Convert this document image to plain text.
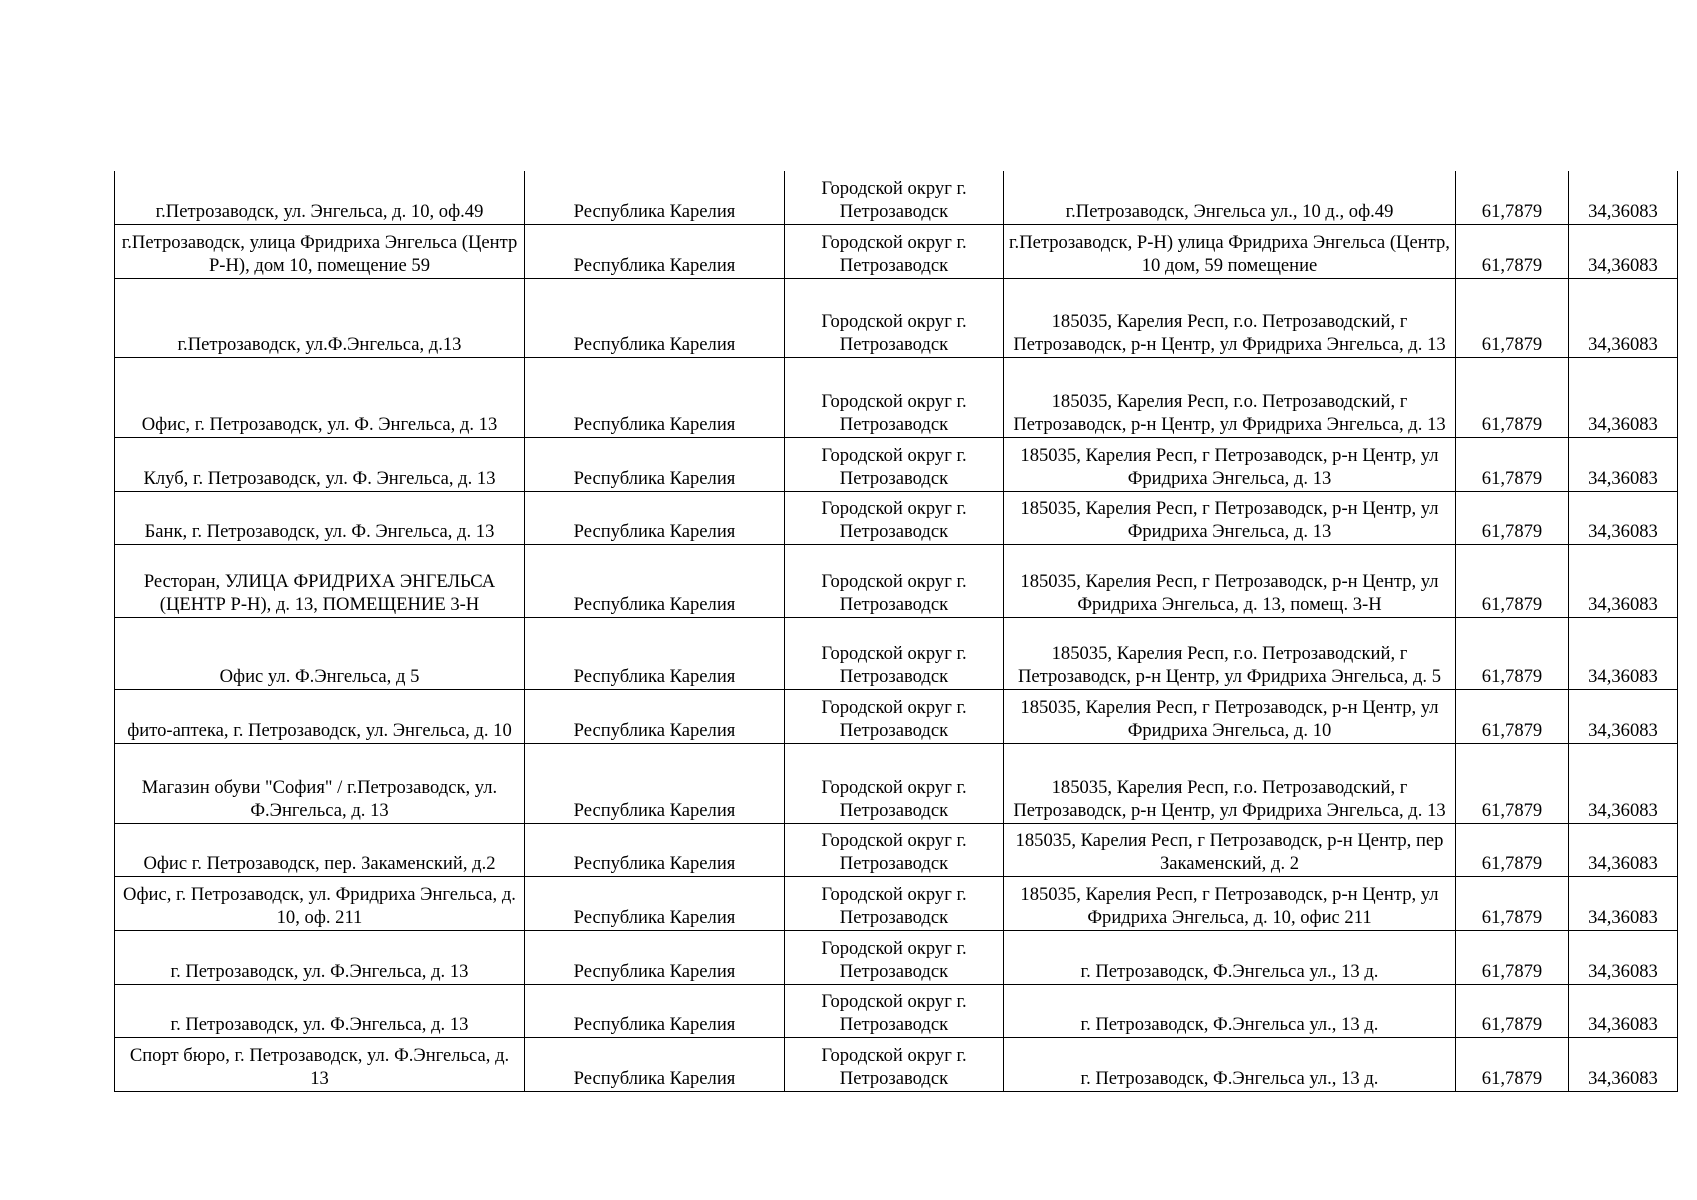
г.Петрозаводск, ул. Энгельса, д. 10, оф.49	Республика Карелия	Городской округ г. Петрозаводск	г.Петрозаводск, Энгельса ул., 10 д., оф.49	61,7879	34,36083
г.Петрозаводск, улица Фридриха Энгельса (Центр Р-Н), дом 10, помещение 59	Республика Карелия	Городской округ г. Петрозаводск	г.Петрозаводск, Р-Н) улица Фридриха Энгельса (Центр, 10 дом, 59 помещение	61,7879	34,36083
г.Петрозаводск, ул.Ф.Энгельса, д.13	Республика Карелия	Городской округ г. Петрозаводск	185035, Карелия Респ, г.о. Петрозаводский, г Петрозаводск, р-н Центр, ул Фридриха Энгельса, д. 13	61,7879	34,36083
Офис, г. Петрозаводск, ул. Ф. Энгельса, д. 13	Республика Карелия	Городской округ г. Петрозаводск	185035, Карелия Респ, г.о. Петрозаводский, г Петрозаводск, р-н Центр, ул Фридриха Энгельса, д. 13	61,7879	34,36083
Клуб, г. Петрозаводск, ул. Ф. Энгельса, д. 13	Республика Карелия	Городской округ г. Петрозаводск	185035, Карелия Респ, г Петрозаводск, р-н Центр, ул Фридриха Энгельса, д. 13	61,7879	34,36083
Банк, г. Петрозаводск, ул. Ф. Энгельса, д. 13	Республика Карелия	Городской округ г. Петрозаводск	185035, Карелия Респ, г Петрозаводск, р-н Центр, ул Фридриха Энгельса, д. 13	61,7879	34,36083
Ресторан, УЛИЦА ФРИДРИХА ЭНГЕЛЬСА (ЦЕНТР Р-Н), д. 13, ПОМЕЩЕНИЕ 3-Н	Республика Карелия	Городской округ г. Петрозаводск	185035, Карелия Респ, г Петрозаводск, р-н Центр, ул Фридриха Энгельса, д. 13, помещ. 3-Н	61,7879	34,36083
Офис ул. Ф.Энгельса, д 5	Республика Карелия	Городской округ г. Петрозаводск	185035, Карелия Респ, г.о. Петрозаводский, г Петрозаводск, р-н Центр, ул Фридриха Энгельса, д. 5	61,7879	34,36083
фито-аптека, г. Петрозаводск, ул. Энгельса, д. 10	Республика Карелия	Городской округ г. Петрозаводск	185035, Карелия Респ, г Петрозаводск, р-н Центр, ул Фридриха Энгельса, д. 10	61,7879	34,36083
Магазин обуви "София" / г.Петрозаводск, ул. Ф.Энгельса, д. 13	Республика Карелия	Городской округ г. Петрозаводск	185035, Карелия Респ, г.о. Петрозаводский, г Петрозаводск, р-н Центр, ул Фридриха Энгельса, д. 13	61,7879	34,36083
Офис г. Петрозаводск, пер. Закаменский, д.2	Республика Карелия	Городской округ г. Петрозаводск	185035, Карелия Респ, г Петрозаводск, р-н Центр, пер Закаменский, д. 2	61,7879	34,36083
Офис, г. Петрозаводск, ул. Фридриха Энгельса, д. 10, оф. 211	Республика Карелия	Городской округ г. Петрозаводск	185035, Карелия Респ, г Петрозаводск, р-н Центр, ул Фридриха Энгельса, д. 10, офис 211	61,7879	34,36083
г. Петрозаводск, ул. Ф.Энгельса, д. 13	Республика Карелия	Городской округ г. Петрозаводск	г. Петрозаводск, Ф.Энгельса ул., 13 д.	61,7879	34,36083
г. Петрозаводск, ул. Ф.Энгельса, д. 13	Республика Карелия	Городской округ г. Петрозаводск	г. Петрозаводск, Ф.Энгельса ул., 13 д.	61,7879	34,36083
Спорт бюро, г. Петрозаводск, ул. Ф.Энгельса, д. 13	Республика Карелия	Городской округ г. Петрозаводск	г. Петрозаводск, Ф.Энгельса ул., 13 д.	61,7879	34,36083
